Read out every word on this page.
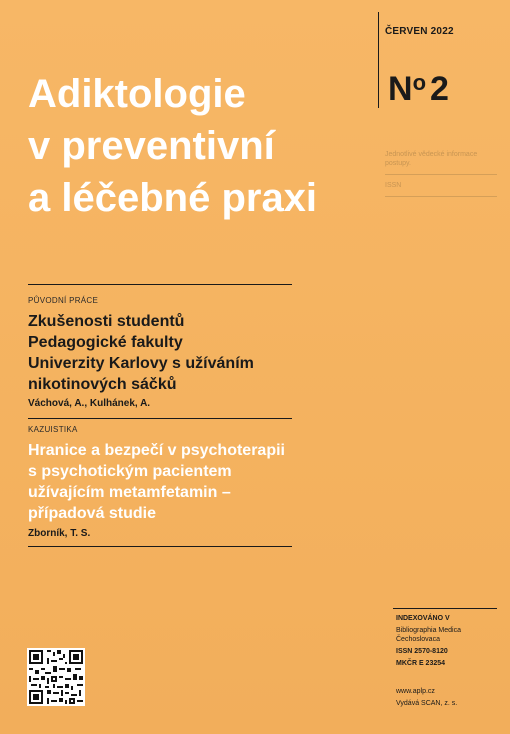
ČERVEN 2022
$N^o$ 2
Adiktologie
v preventivní
a léčebné praxi
Jednotlivé vědecké informace
postupy.
ISSN
PŮVODNÍ PRÁCE
Zkušenosti studentů
Pedagogické fakulty
Univerzity Karlovy s užíváním
nikotinových sáčků
Váchová, A., Kulhánek, A.
KAZUISTIKA
Hranice a bezpečí v psychoterapii
s psychotickým pacientem
užívajícím metamfetamin –
případová studie
Zborník, T. S.
INDEXOVÁNO V
Bibliographia Medica
Čechoslovaca
ISSN 2570-8120
MKČR E 23254
www.aplp.cz
Vydává SCAN, z. s.
